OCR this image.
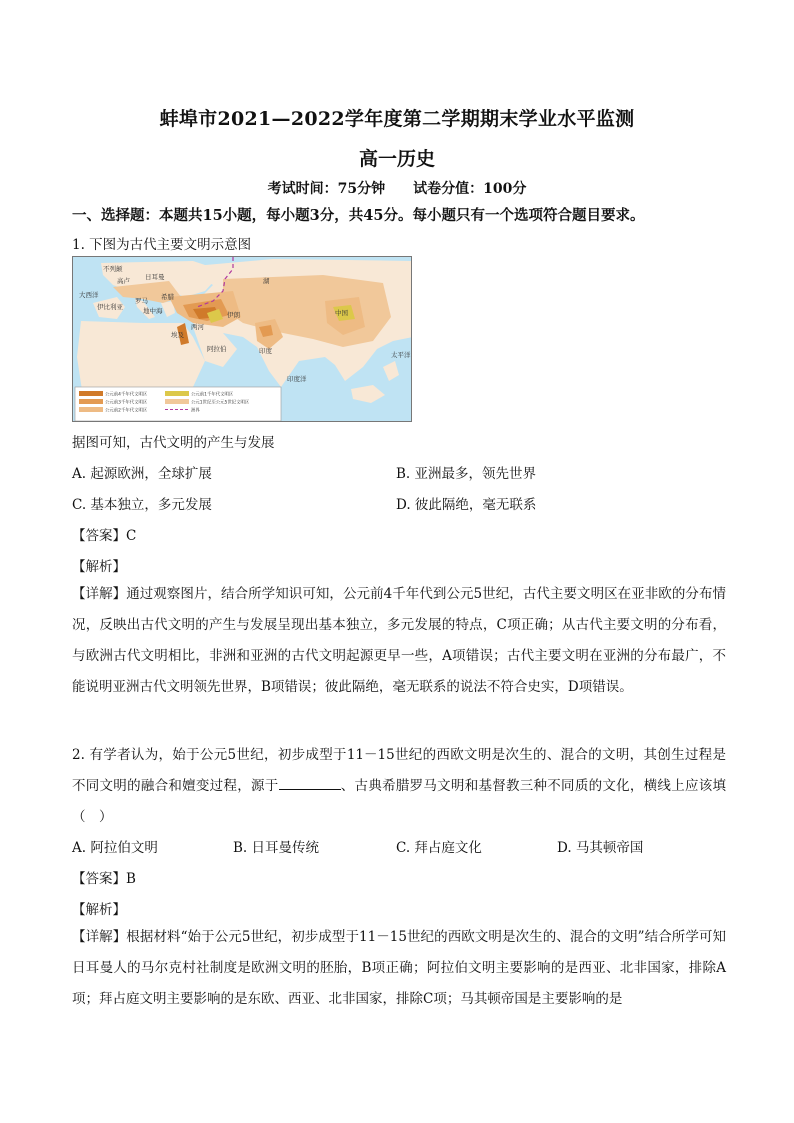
蚌埠市2021—2022学年度第二学期期末学业水平监测
高一历史
考试时间：75分钟　　试卷分值：100分
一、选择题：本题共15小题，每小题3分，共45分。每小题只有一个选项符合题目要求。
1. 下图为古代主要文明示意图
不列颠
高卢 日耳曼
伊比利亚
罗马 希腊
埃及
两河
伊朗
印度
中国
阿拉伯
地中海
大西洋
印度洋
太平洋
湖
公元前4千年代文明区
公元前3千年代文明区
公元前2千年代文明区
公元前1千年代文明区
公元1世纪至公元5世纪文明区
洲界
据图可知，古代文明的产生与发展
A. 起源欧洲，全球扩展	B. 亚洲最多，领先世界
C. 基本独立，多元发展	D. 彼此隔绝，毫无联系
【答案】C
【解析】
【详解】通过观察图片，结合所学知识可知，公元前4千年代到公元5世纪，古代主要文明区在亚非欧的分布情况，反映出古代文明的产生与发展呈现出基本独立，多元发展的特点，C项正确；从古代主要文明的分布看，与欧洲古代文明相比，非洲和亚洲的古代文明起源更早一些，A项错误；古代主要文明在亚洲的分布最广，不能说明亚洲古代文明领先世界，B项错误；彼此隔绝，毫无联系的说法不符合史实，D项错误。
2. 有学者认为，始于公元5世纪，初步成型于11－15世纪的西欧文明是次生的、混合的文明，其创生过程是不同文明的融合和嬗变过程，源于	、古典希腊罗马文明和基督教三种不同质的文化，横线上应该填（　）
A. 阿拉伯文明	B. 日耳曼传统	C. 拜占庭文化	D. 马其顿帝国
【答案】B
【解析】
【详解】根据材料“始于公元5世纪，初步成型于11－15世纪的西欧文明是次生的、混合的文明”结合所学可知日耳曼人的马尔克村社制度是欧洲文明的胚胎，B项正确；阿拉伯文明主要影响的是西亚、北非国家，排除A项；拜占庭文明主要影响的是东欧、西亚、北非国家，排除C项；马其顿帝国是主要影响的是
